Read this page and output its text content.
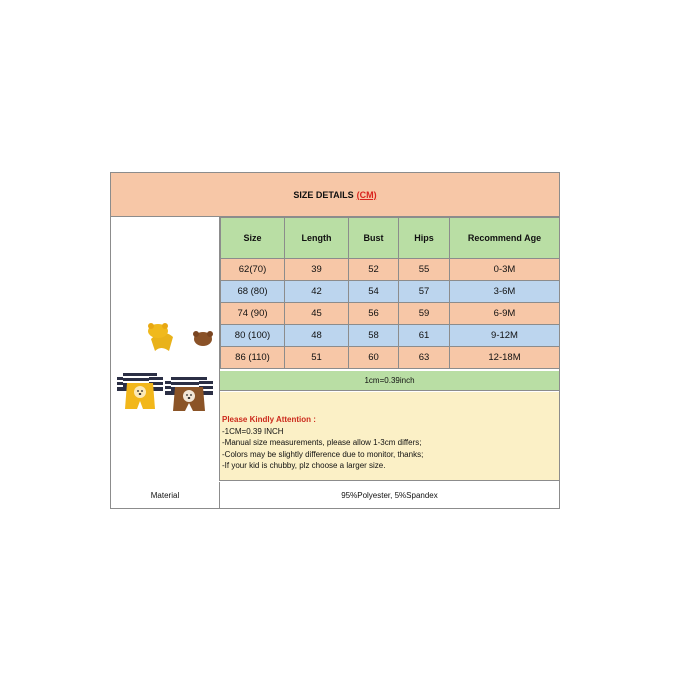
SIZE DETAILS (CM)
Size	Length	Bust	Hips	Recommend Age
62(70)	39	52	55	0-3M
68 (80)	42	54	57	3-6M
74 (90)	45	56	59	6-9M
80 (100)	48	58	61	9-12M
86 (110)	51	60	63	12-18M
1cm=0.39inch
Please Kindly Attention :
-1CM=0.39 INCH
-Manual size measurements, please allow 1-3cm differs;
-Colors may be slightly difference due to monitor, thanks;
-If your kid is chubby, plz choose a larger size.
Material	95%Polyester, 5%Spandex
